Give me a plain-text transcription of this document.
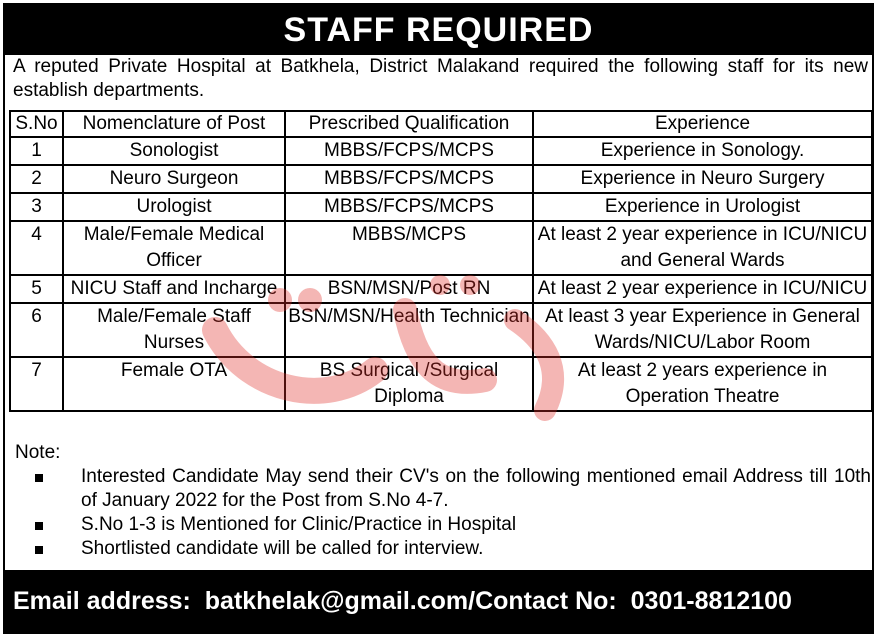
STAFF REQUIRED
A reputed Private Hospital at Batkhela, District Malakand required the following staff for its new establish departments.
S.No	Nomenclature of Post	Prescribed Qualification	Experience
1	Sonologist	MBBS/FCPS/MCPS	Experience in Sonology.
2	Neuro Surgeon	MBBS/FCPS/MCPS	Experience in Neuro Surgery
3	Urologist	MBBS/FCPS/MCPS	Experience in Urologist
4	Male/Female Medical Officer	MBBS/MCPS	At least 2 year experience in ICU/NICU and General Wards
5	NICU Staff and Incharge	BSN/MSN/Post RN	At least 2 year experience in ICU/NICU
6	Male/Female Staff Nurses	BSN/MSN/Health Technician	At least 3 year Experience in General Wards/NICU/Labor Room
7	Female OTA	BS Surgical /Surgical Diploma	At least 2 years experience in Operation Theatre
Note:
Interested Candidate May send their CV's on the following mentioned email Address till 10th of January 2022 for the Post from S.No 4-7.
S.No 1-3 is Mentioned for Clinic/Practice in Hospital
Shortlisted candidate will be called for interview.
Email address: batkhelak@gmail.com/Contact No: 0301-8812100
